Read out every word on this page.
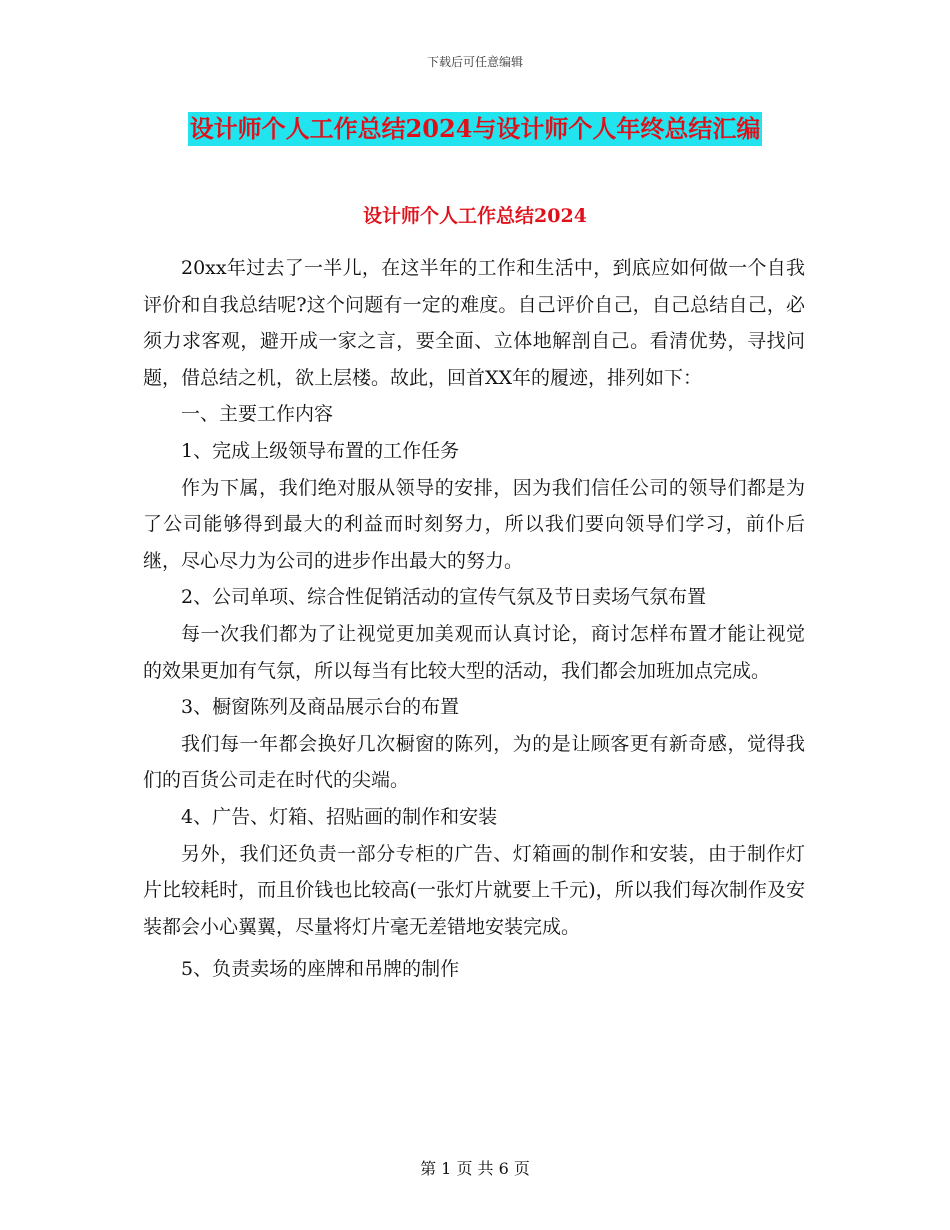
下载后可任意编辑
设计师个人工作总结2024与设计师个人年终总结汇编
设计师个人工作总结2024

20xx年过去了一半儿，在这半年的工作和生活中，到底应如何做一个自我评价和自我总结呢?这个问题有一定的难度。自己评价自己，自己总结自己，必须力求客观，避开成一家之言，要全面、立体地解剖自己。看清优势，寻找问题，借总结之机，欲上层楼。故此，回首XX年的履迹，排列如下：

一、主要工作内容

1、完成上级领导布置的工作任务

作为下属，我们绝对服从领导的安排，因为我们信任公司的领导们都是为了公司能够得到最大的利益而时刻努力，所以我们要向领导们学习，前仆后继，尽心尽力为公司的进步作出最大的努力。

2、公司单项、综合性促销活动的宣传气氛及节日卖场气氛布置

每一次我们都为了让视觉更加美观而认真讨论，商讨怎样布置才能让视觉的效果更加有气氛，所以每当有比较大型的活动，我们都会加班加点完成。

3、橱窗陈列及商品展示台的布置

我们每一年都会换好几次橱窗的陈列，为的是让顾客更有新奇感，觉得我们的百货公司走在时代的尖端。

4、广告、灯箱、招贴画的制作和安装

另外，我们还负责一部分专柜的广告、灯箱画的制作和安装，由于制作灯片比较耗时，而且价钱也比较高(一张灯片就要上千元)，所以我们每次制作及安装都会小心翼翼，尽量将灯片毫无差错地安装完成。

5、负责卖场的座牌和吊牌的制作

第 1 页 共 6 页
